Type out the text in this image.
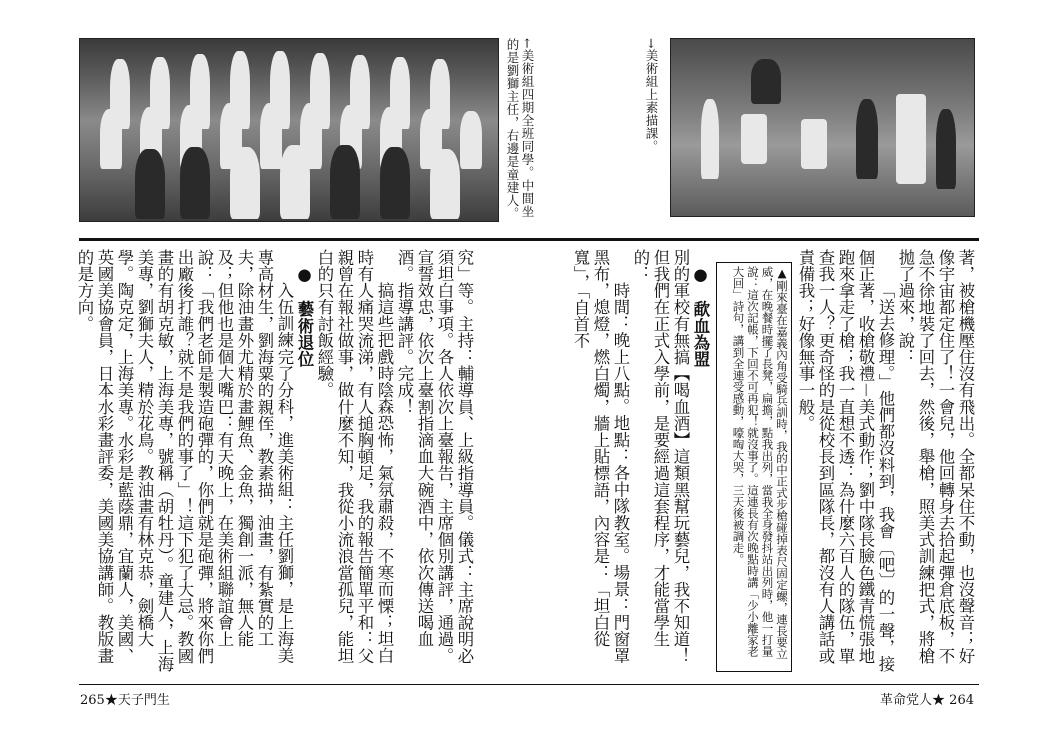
←美術組四期全班同學。中間坐的是劉獅主任，右邊是童建人。	→美術組上素描課。

著，被槍機壓住沒有飛出。全都呆住不動，也沒聲音；好像宇宙都定住了！一會兒，他回轉身去拾起彈倉底板，不急不徐地裝了回去，然後，舉槍，照美式訓練把式，將槍拋了過來，說：

「送去修理。」他們都沒料到，我會〔吧〕的一聲，接個正著，收槍敬禮－美式動作；劉中隊長臉色鐵青慌張地跑來拿走了槍；我一直想不透：為什麼六百人的隊伍，單查我一人？更奇怪的是從校長到區隊長，都沒有人講話或責備我；好像無事一般。

▲剛來臺在嘉義內角受騎兵訓時，我的中正式步槍碰掉表尺固定螺，連長要立威，在晚餐時擺了長凳，扁擔，點我出列，當我全身發抖站出列時，他一打量說：這次記帳，下回不可再犯！就沒事了。這連長有次晚點時講「少小離家老大回」詩句，講到全連受感動，嚎啕大哭，三天後被調走。
●　歃血為盟

別的軍校有無搞【喝血酒】這類黑幫玩藝兒，我不知道！但我們在正式入學前，是要經過這套程序，才能當學生的：

時間：晚上八點。地點：各中隊教室。場景：門窗罩黑布，熄燈，燃白燭，牆上貼標語，內容是：「坦白從寬」，「自首不

究」等。主持：輔導員、上級指導員。儀式：主席說明必須坦白事項。各人依次上臺報告，主席個別講評，通過。宣誓效忠，依次上臺割指滴血大碗酒中，依次傳送喝血酒。指導講評。完成！

搞這些把戲時陰森恐怖，氣氛肅殺，不寒而慄；坦白時有人痛哭流涕，有人搥胸頓足，我的報告簡單平和：父親曾在報社做事，做什麼不知，我從小流浪當孤兒，能坦白的只有討飯經驗。

●　藝術退位

入伍訓練完了分科，進美術組：主任劉獅，是上海美專高材生，劉海粟的親侄，教素描，油畫，有紮實的工夫，除油畫外尤精於畫鯉魚、金魚，獨創一派，無人能及；但他也是個大嘴巴：有天晚上，在美術組聯誼會上說：「我們老師是製造砲彈的，你們就是砲彈，將來你們出廠後打誰？就不是我們的事了」！這下犯了大忌。教國畫的有胡克敏，上海美專，號稱（胡牡丹）。童建人，上海美專，劉獅夫人，精於花鳥。教油畫有林克恭，劍橋大學。陶克定，上海美專。水彩是藍蔭鼎，宜蘭人，美國、英國美協會員，日本水彩畫評委，美國美協講師。教版畫的是方向。

265★天子門生	革命党人★ 264
